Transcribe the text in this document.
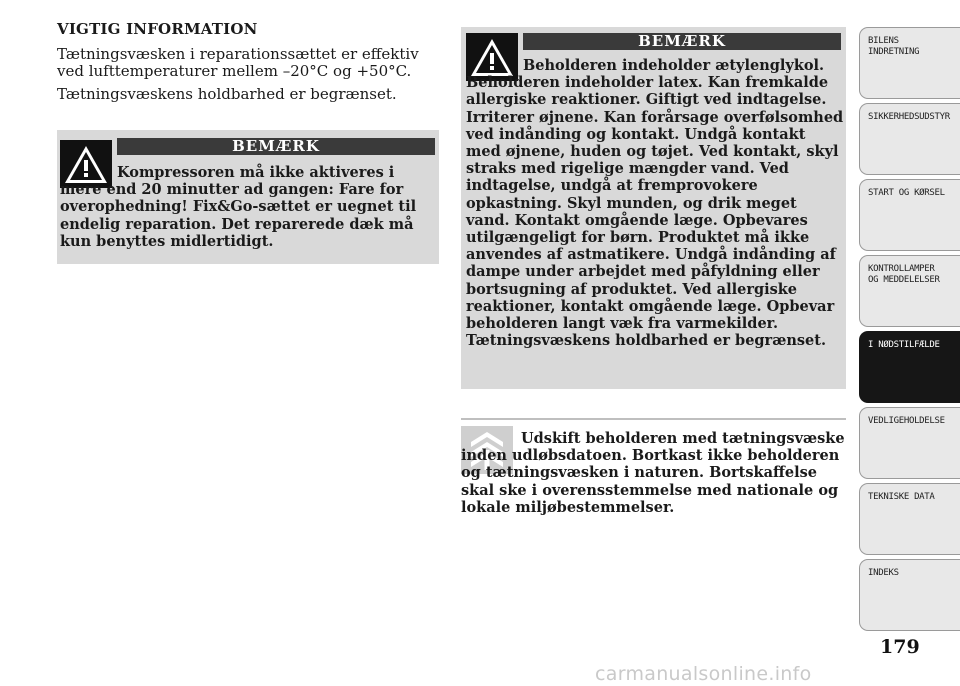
VIGTIG INFORMATION

Tætningsvæsken i reparationssættet er effektiv ved lufttemperaturer mellem –20°C og +50°C.

Tætningsvæskens holdbarhed er begrænset.

BEMÆRK

Kompressoren må ikke aktiveres i mere end 20 minutter ad gangen: Fare for overophedning! Fix&Go-sættet er uegnet til endelig reparation. Det reparerede dæk må kun benyttes midlertidigt.

BEMÆRK

Beholderen indeholder ætylenglykol. Beholderen indeholder latex. Kan fremkalde allergiske reaktioner. Giftigt ved indtagelse. Irriterer øjnene. Kan forårsage overfølsomhed ved indånding og kontakt. Undgå kontakt med øjnene, huden og tøjet. Ved kontakt, skyl straks med rigelige mængder vand. Ved indtagelse, undgå at fremprovokere opkastning. Skyl munden, og drik meget vand. Kontakt omgående læge. Opbevares utilgængeligt for børn. Produktet må ikke anvendes af astmatikere. Undgå indånding af dampe under arbejdet med påfyldning eller bortsugning af produktet. Ved allergiske reaktioner, kontakt omgående læge. Opbevar beholderen langt væk fra varmekilder. Tætningsvæskens holdbarhed er begrænset.

Udskift beholderen med tætningsvæske inden udløbsdatoen. Bortkast ikke beholderen og tætningsvæsken i naturen. Bortskaffelse skal ske i overensstemmelse med nationale og lokale miljøbestemmelser.

BILENS
INDRETNING
SIKKERHEDSUDSTYR
START OG KØRSEL
KONTROLLAMPER
OG MEDDELELSER
I NØDSTILFÆLDE
VEDLIGEHOLDELSE
TEKNISKE DATA
INDEKS
179
carmanualsonline.info
